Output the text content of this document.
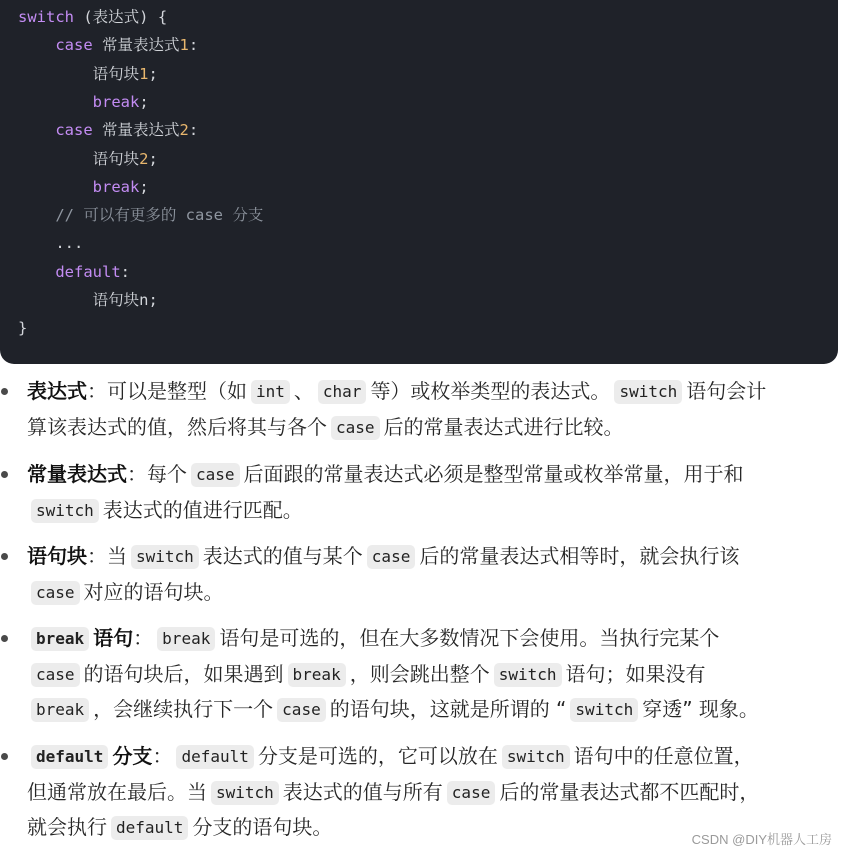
switch (表达式) {
case 常量表达式1:
语句块1;
break;
case 常量表达式2:
语句块2;
break;
// 可以有更多的 case 分支
...
default:
语句块n;
}
表达式：可以是整型（如 int 、 char 等）或枚举类型的表达式。 switch 语句会计
算该表达式的值，然后将其与各个 case 后的常量表达式进行比较。
常量表达式：每个 case 后面跟的常量表达式必须是整型常量或枚举常量，用于和
switch 表达式的值进行匹配。
语句块：当 switch 表达式的值与某个 case 后的常量表达式相等时，就会执行该
case 对应的语句块。
break 语句： break 语句是可选的，但在大多数情况下会使用。当执行完某个
case 的语句块后，如果遇到 break ，则会跳出整个 switch 语句；如果没有
break ，会继续执行下一个 case 的语句块，这就是所谓的 “ switch 穿透” 现象。
default 分支： default 分支是可选的，它可以放在 switch 语句中的任意位置，
但通常放在最后。当 switch 表达式的值与所有 case 后的常量表达式都不匹配时，
就会执行 default 分支的语句块。
CSDN @DIY机器人工房
